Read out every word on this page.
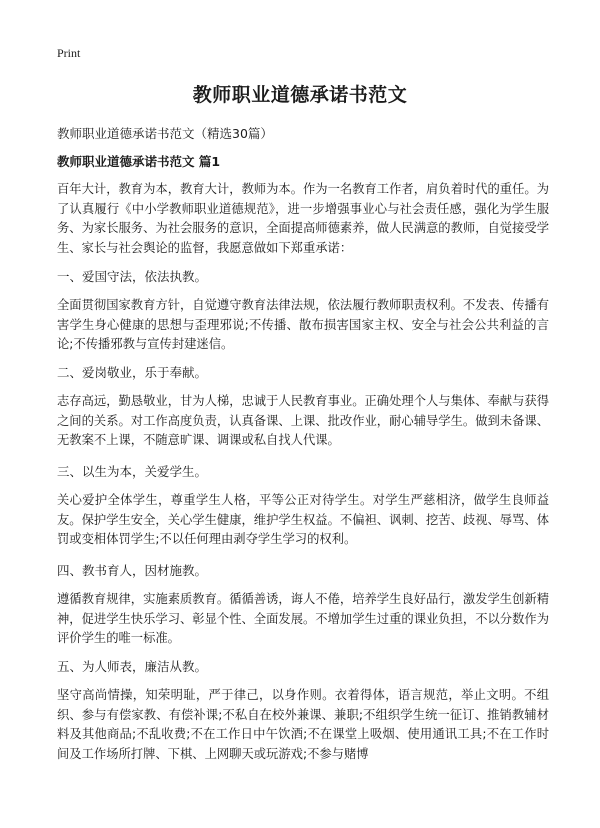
Print
教师职业道德承诺书范文

教师职业道德承诺书范文（精选30篇）

教师职业道德承诺书范文 篇1

百年大计，教育为本，教育大计，教师为本。作为一名教育工作者，肩负着时代的重任。为了认真履行《中小学教师职业道德规范》，进一步增强事业心与社会责任感，强化为学生服务、为家长服务、为社会服务的意识，全面提高师德素养，做人民满意的教师，自觉接受学生、家长与社会舆论的监督，我愿意做如下郑重承诺：

一、爱国守法，依法执教。

全面贯彻国家教育方针，自觉遵守教育法律法规，依法履行教师职责权利。不发表、传播有害学生身心健康的思想与歪理邪说;不传播、散布损害国家主权、安全与社会公共利益的言论;不传播邪教与宣传封建迷信。

二、爱岗敬业，乐于奉献。

志存高远，勤恳敬业，甘为人梯，忠诚于人民教育事业。正确处理个人与集体、奉献与获得之间的关系。对工作高度负责，认真备课、上课、批改作业，耐心辅导学生。做到未备课、无教案不上课，不随意旷课、调课或私自找人代课。

三、以生为本，关爱学生。

关心爱护全体学生，尊重学生人格，平等公正对待学生。对学生严慈相济，做学生良师益友。保护学生安全，关心学生健康，维护学生权益。不偏袒、讽刺、挖苦、歧视、辱骂、体罚或变相体罚学生;不以任何理由剥夺学生学习的权利。

四、教书育人，因材施教。

遵循教育规律，实施素质教育。循循善诱，诲人不倦，培养学生良好品行，激发学生创新精神，促进学生快乐学习、彰显个性、全面发展。不增加学生过重的课业负担，不以分数作为评价学生的唯一标准。

五、为人师表，廉洁从教。

坚守高尚情操，知荣明耻，严于律己，以身作则。衣着得体，语言规范，举止文明。不组织、参与有偿家教、有偿补课;不私自在校外兼课、兼职;不组织学生统一征订、推销教辅材料及其他商品;不乱收费;不在工作日中午饮酒;不在课堂上吸烟、使用通讯工具;不在工作时间及工作场所打牌、下棋、上网聊天或玩游戏;不参与赌博
